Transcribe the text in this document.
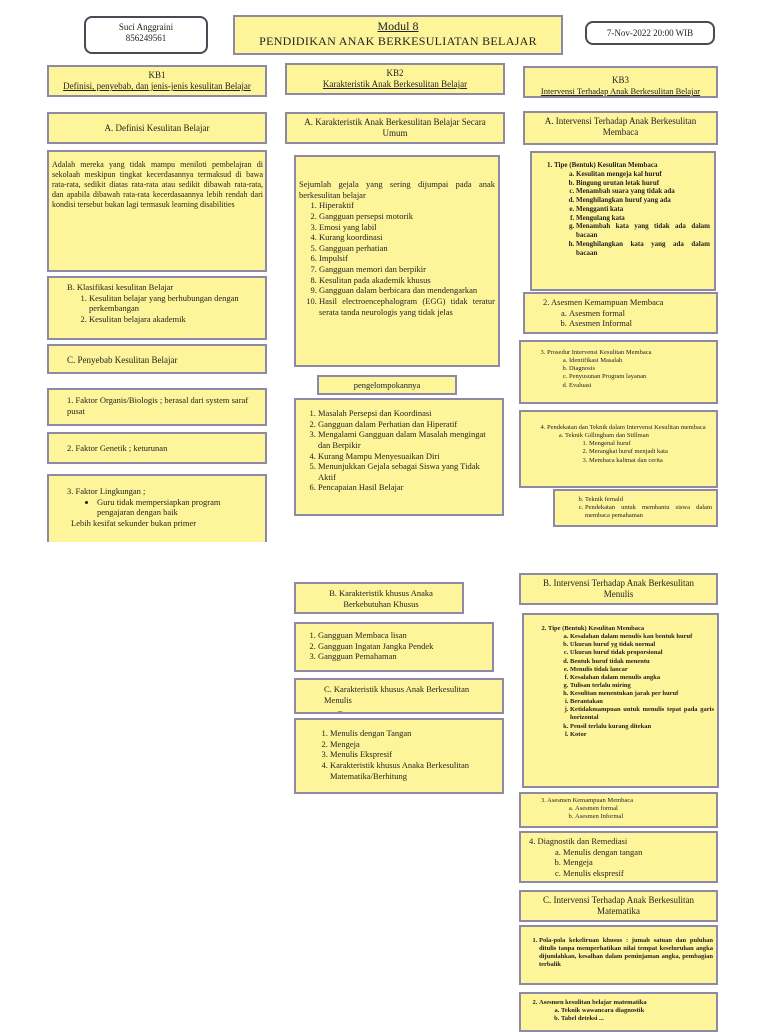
Suci Anggraini
856249561
Modul 8
PENDIDIKAN ANAK BERKESULIATAN BELAJAR
7-Nov-2022 20:00 WIB
KB1
Definisi, penyebab, dan jenis-jenis kesulitan Belajar
A. Definisi Kesulitan Belajar
Adalah mereka yang tidak mampu meniloti pembelajran di sekolaah meskipun tingkat kecerdasannya termaksud di bawa rata-rata, sedikit diatas rata-rata atau sedikit dibawah rata-rata, dan apabila dibawah rata-rata kecerdasaannya lebih rendah dari kondisi tersebut bukan lagi termasuk learning disabilities
B. Klasifikasi kesulitan Belajar
1. Kesulitan belajar yang berhubungan dengan perkembangan
2. Kesulitan belajara akademik
C. Penyebab Kesulitan Belajar
1. Faktor Organis/Biologis ; berasal dari system saraf pusat
2. Faktor Genetik ; keturunan
3. Faktor Lingkungan ;
• Guru tidak mempersiapkan program pengajaran dengan baik
Lebih kesifat sekunder bukan primer
KB2
Karakteristik Anak Berkesulitan Belajar
A. Karakteristik Anak Berkesulitan Belajar Secara Umum
Sejumlah gejala yang sering dijumpai pada anak berkesulitan belajar
1. Hiperaktif
2. Gangguan persepsi motorik
3. Emosi yang labil
4. Kurang koordinasi
5. Gangguan perhatian
6. Impulsif
7. Gangguan memori dan berpikir
8. Kesulitan pada akademik khusus
9. Gangguan dalam berbicara dan mendengarkan
10. Hasil electroencephalogram (EGG) tidak teratur serata tanda neurologis yang tidak jelas
pengelompokannya
1. Masalah Persepsi dan Koordinasi
2. Gangguan dalam Perhatian dan Hiperatif
3. Mengalami Gangguan dalam Masalah mengingat dan Berpikir
4. Kurang Mampu Menyesuaikan Diri
5. Menunjukkan Gejala sebagai Siswa yang Tidak Aktif
6. Pencapaian Hasil Belajar
B. Karakteristik khusus Anaka Berkebutuhan Khusus
1. Gangguan Membaca lisan
2. Gangguan Ingatan Jangka Pendek
3. Gangguan Pemahaman
C. Karakteristik khusus Anak Berkesulitan Menulis
–
1. Menulis dengan Tangan
2. Mengeja
3. Menulis Ekspresif
4. Karakteristik khusus Anaka Berkesulitan Matematika/Berhitung
KB3
Intervensi Terhadap Anak Berkesulitan Belajar
A. Intervensi Terhadap Anak Berkesulitan Membaca
1. Tipe (Bentuk) Kesulitan Membaca
a. Kesulitan mengeja kal huruf
b. Bingung urutan letak huruf
c. Menambah suara yang tidak ada
d. Menghilangkan huruf yang ada
e. Mengganti kata
f. Mengulang kata
g. Menambah kata yang tidak ada dalam bacaan
h. Menghilangkan kata yang ada dalam bacaan
2. Asesmen Kemampuan Membaca
a. Asesmen formal
b. Asesmen Informal
3. Prosedur Intervensi Kesulitan Membaca
a. Identifikasi Masalah
b. Diagnosis
c. Penyusunan Program layanan
d. Evaluasi
4. Pendekatan dan Teknik dalam Intervensi Kesulitan membaca
a. Teknik Gillingham dan Stillman
1. Mengenal huruf
2. Merangkai huruf menjadi kata
3. Membaca kalimat dan cerita
b. Teknik fernald
c. Pendekatan untuk membantu siswa dalam membaca pemahaman
B. Intervensi Terhadap Anak Berkesulitan Menulis
2. Tipe (Bentuk) Kesulitan Membaca
a. Kesalahan dalam menulis kan bentuk huruf
b. Ukuran huruf yg tidak normal
c. Ukuran huruf tidak proporsional
d. Bentuk huruf tidak menentu
e. Menulis tidak lancar
f. Kesalahan dalam menulis angka
g. Tulisan terlalu miring
h. Kesulitan menentukan jarak per huruf
i. Berantakan
j. Ketidakmampuan untuk menulis tepat pada garis horizontal
k. Pensil terlalu kurang ditekan
l. Kotor
3. Asesmen Kemampuan Membaca
a. Asesmen formal
b. Asesmen Informal
4. Diagnostik dan Remediasi
a. Menulis dengan tangan
b. Mengeja
c. Menulis ekspresif
C. Intervensi Terhadap Anak Berkesulitan Matematika
1. Pola-pola kekeliruan khusus : jumah satuan dan puluhan ditulis tanpa memperhatikan nilai tempat keseluruhan angka dijumlahkan, kesalhan dalam peminjaman angka, pembagian terbalik
2. Asesmen kesulitan belajar matematika
a. Teknik wawancara diagnostik
b. Tabel deteksi ...
